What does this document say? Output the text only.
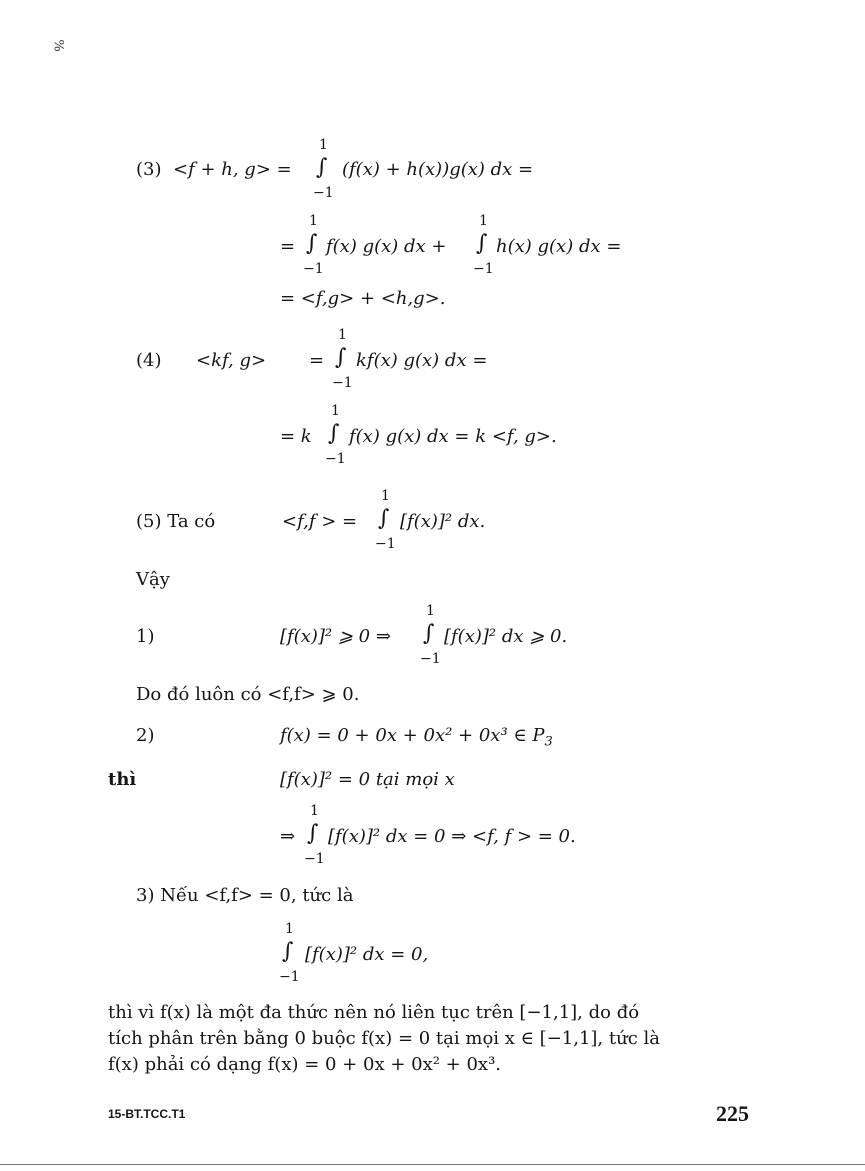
%
(3) <f + h, g> =
1
∫
−1
(f(x) + h(x))g(x) dx =
=
1
∫
−1
f(x) g(x) dx +
1
∫
−1
h(x) g(x) dx =
= <f,g> + <h,g>.
(4) <kf, g> =
1
∫
−1
kf(x) g(x) dx =
= k
1
∫
−1
f(x) g(x) dx = k <f, g>.
(5) Ta có	<f,f > =
1
∫
−1
[f(x)]² dx.
Vậy
1)	[f(x)]² ⩾ 0 ⇒
1
∫
−1
[f(x)]² dx ⩾ 0.
Do đó luôn có <f,f> ⩾ 0.
2)	f(x) = 0 + 0x + 0x² + 0x³ ∈ $P_3$
thì	[f(x)]² = 0 tại mọi x
⇒
1
∫
−1
[f(x)]² dx = 0 ⇒ <f, f > = 0.
3) Nếu <f,f> = 0, tức là
1
∫
−1
[f(x)]² dx = 0,
thì vì f(x) là một đa thức nên nó liên tục trên [−1,1], do đó
tích phân trên bằng 0 buộc f(x) = 0 tại mọi x ∈ [−1,1], tức là
f(x) phải có dạng f(x) = 0 + 0x + 0x² + 0x³.
15-BT.TCC.T1	225
